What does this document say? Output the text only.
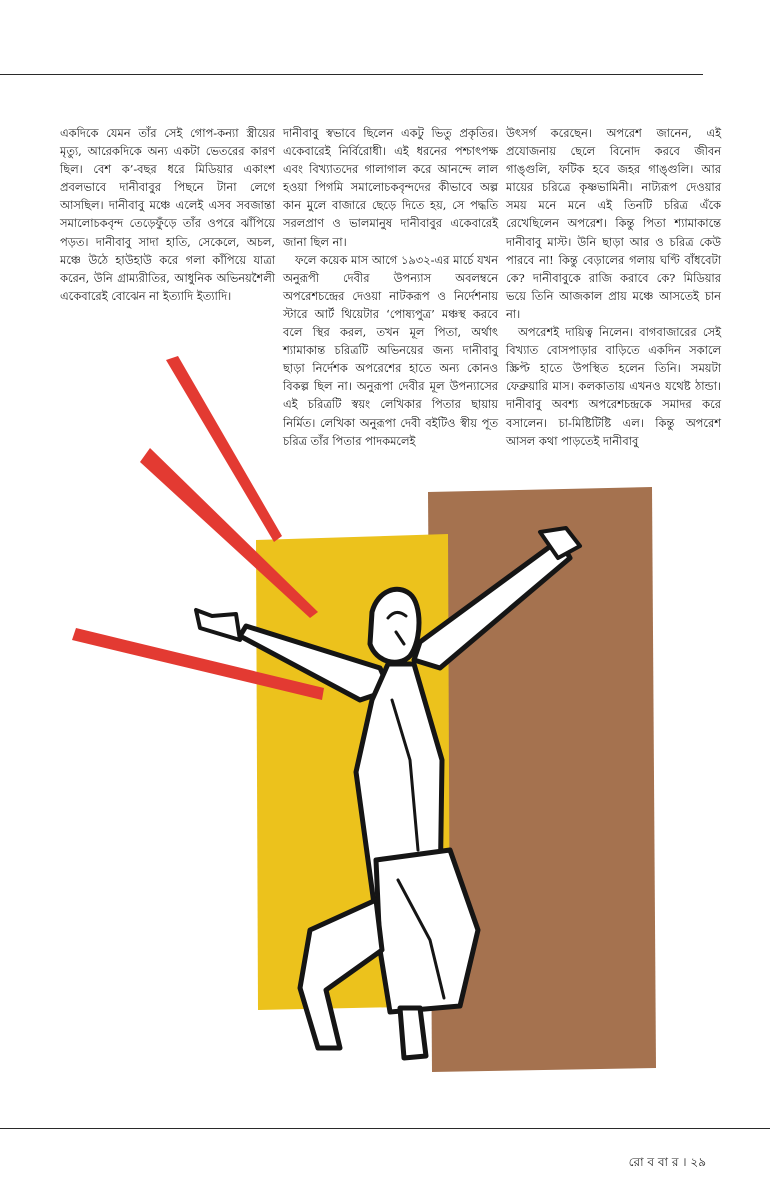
একদিকে যেমন তাঁর সেই গোপ-কন্যা স্ত্রীয়ের মৃত্যু, আরেকদিকে অন্য একটা ভেতরের কারণ ছিল। বেশ ক’-বছর ধরে মিডিয়ার একাংশ প্রবলভাবে দানীবাবুর পিছনে টানা লেগে আসছিল। দানীবাবু মঞ্চে এলেই এসব সবজান্তা সমালোচকবৃন্দ তেড়েফুঁড়ে তাঁর ওপরে ঝাঁপিয়ে পড়ত। দানীবাবু সাদা হাতি, সেকেলে, অচল, মঞ্চে উঠে হাউহাউ করে গলা কাঁপিয়ে যাত্রা করেন, উনি গ্রাম্যরীতির, আধুনিক অভিনয়শৈলী একেবারেই বোঝেন না ইত্যাদি ইত্যাদি।

দানীবাবু স্বভাবে ছিলেন একটু ভিতু প্রকৃতির। একেবারেই নির্বিরোধী। এই ধরনের পশ্চাৎপক্ষ এবং বিখ্যাতদের গালাগাল করে আনন্দে লাল হওয়া পিগমি সমালোচকবৃন্দদের কীভাবে অল্প কান মুলে বাজারে ছেড়ে দিতে হয়, সে পদ্ধতি সরলপ্রাণ ও ভালমানুষ দানীবাবুর একেবারেই জানা ছিল না।

ফলে কয়েক মাস আগে ১৯৩২-এর মার্চে যখন অনুরূপী দেবীর উপন্যাস অবলম্বনে অপরেশচন্দ্রের দেওয়া নাটকরূপ ও নির্দেশনায় স্টারে আর্ট থিয়েটার ‘পোষ্যপুত্র’ মঞ্চস্থ করবে বলে স্থির করল, তখন মূল পিতা, অর্থাৎ শ্যামাকান্ত চরিত্রটি অভিনয়ের জন্য দানীবাবু ছাড়া নির্দেশক অপরেশের হাতে অন্য কোনও বিকল্প ছিল না। অনুরূপা দেবীর মূল উপন্যাসের এই চরিত্রটি স্বয়ং লেখিকার পিতার ছায়ায় নির্মিত। লেখিকা অনুরূপা দেবী বইটিও স্বীয় পূত চরিত্র তাঁর পিতার পাদকমলেই

উৎসর্গ করেছেন। অপরেশ জানেন, এই প্রযোজনায় ছেলে বিনোদ করবে জীবন গাঙ্গুলি, ফটিক হবে জহর গাঙ্গুলি। আর মায়ের চরিত্রে কৃষ্ণভামিনী। নাট্যরূপ দেওয়ার সময় মনে মনে এই তিনটি চরিত্র এঁকে রেখেছিলেন অপরেশ। কিন্তু পিতা শ্যামাকান্তে দানীবাবু মাস্ট। উনি ছাড়া আর ও চরিত্র কেউ পারবে না! কিন্তু বেড়ালের গলায় ঘণ্টি বাঁধবেটা কে? দানীবাবুকে রাজি করাবে কে? মিডিয়ার ভয়ে তিনি আজকাল প্রায় মঞ্চে আসতেই চান না।

অপরেশই দায়িত্ব নিলেন। বাগবাজারের সেই বিখ্যাত বোসপাড়ার বাড়িতে একদিন সকালে স্ক্রিপ্ট হাতে উপস্থিত হলেন তিনি। সময়টা ফেব্রুয়ারি মাস। কলকাতায় এখনও যথেষ্ট ঠান্ডা। দানীবাবু অবশ্য অপরেশচন্দ্রকে সমাদর করে বসালেন। চা-মিষ্টিটিষ্টি এল। কিন্তু অপরেশ আসল কথা পাড়তেই দানীবাবু

রো ব বা র । ২৯
